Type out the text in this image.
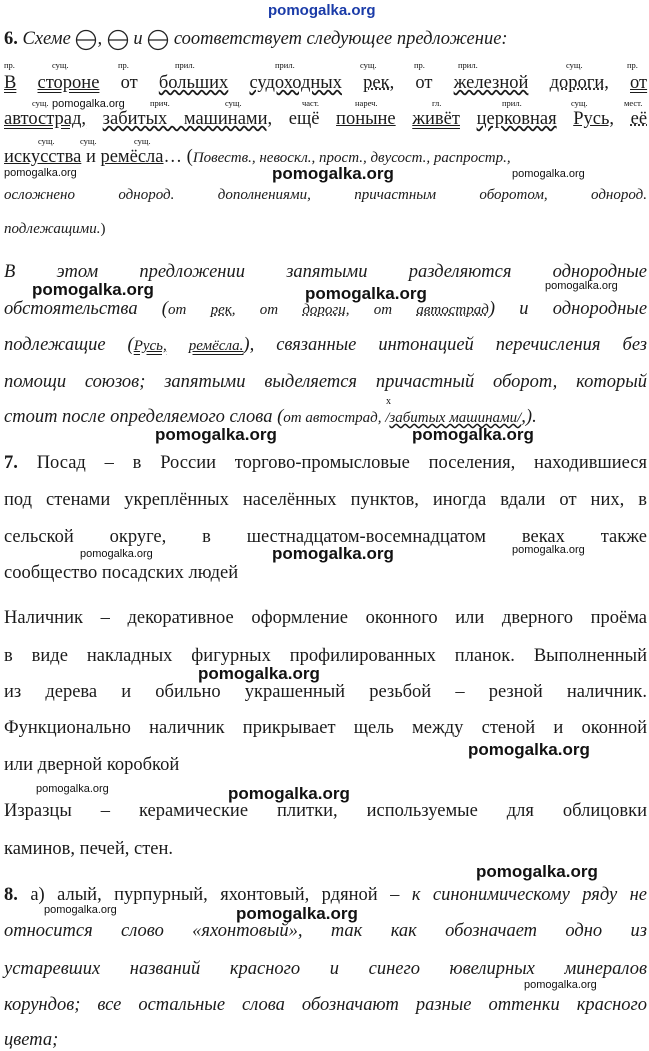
pomogalka.org
6. Схеме , и соответствует следующее предложение:
пр.	сущ.	пр.	прил.	прил.	сущ.	пр.	прил.	сущ.	пр.
В стороне от больших судоходных рек, от железной дороги, от
сущ. pomogalka.org	прич.	сущ.	част.	нареч.	гл.	прил.	сущ.	мест.
автострад, забитых машинами, ещё поныне живёт церковная Русь, её
сущ.	сущ.	сущ.
искусства и ремёсла… (Повеств., невоскл., прост., двусост., распростр.,
pomogalka.org	pomogalka.org	pomogalka.org
осложнено однород. дополнениями, причастным оборотом, однород.
подлежащими.)
В этом предложении запятыми разделяются однородные
pomogalka.org
pomogalka.org	pomogalka.org
обстоятельства (от рек, от дороги, от автострад) и однородные
подлежащие (Русь, ремёсла.), связанные интонацией перечисления без
помощи союзов; запятыми выделяется причастный оборот, который
x
стоит после определяемого слова (от автострад, /забитых машинами/,).
pomogalka.org	pomogalka.org
7. Посад – в России торгово-промысловые поселения, находившиеся
под стенами укреплённых населённых пунктов, иногда вдали от них, в
сельской округе, в шестнадцатом-восемнадцатом веках также
pomogalka.org	pomogalka.org	pomogalka.org
сообщество посадских людей
Наличник – декоративное оформление оконного или дверного проёма
в виде накладных фигурных профилированных планок. Выполненный
pomogalka.org
из дерева и обильно украшенный резьбой – резной наличник.
Функционально наличник прикрывает щель между стеной и оконной
pomogalka.org
или дверной коробкой
pomogalka.org	pomogalka.org
Изразцы – керамические плитки, используемые для облицовки
каминов, печей, стен.
pomogalka.org
8. а) алый, пурпурный, яхонтовый, рдяной – к синонимическому ряду не
pomogalka.org	pomogalka.org
относится слово «яхонтовый», так как обозначает одно из
устаревших названий красного и синего ювелирных минералов
pomogalka.org
корундов; все остальные слова обозначают разные оттенки красного
цвета;
